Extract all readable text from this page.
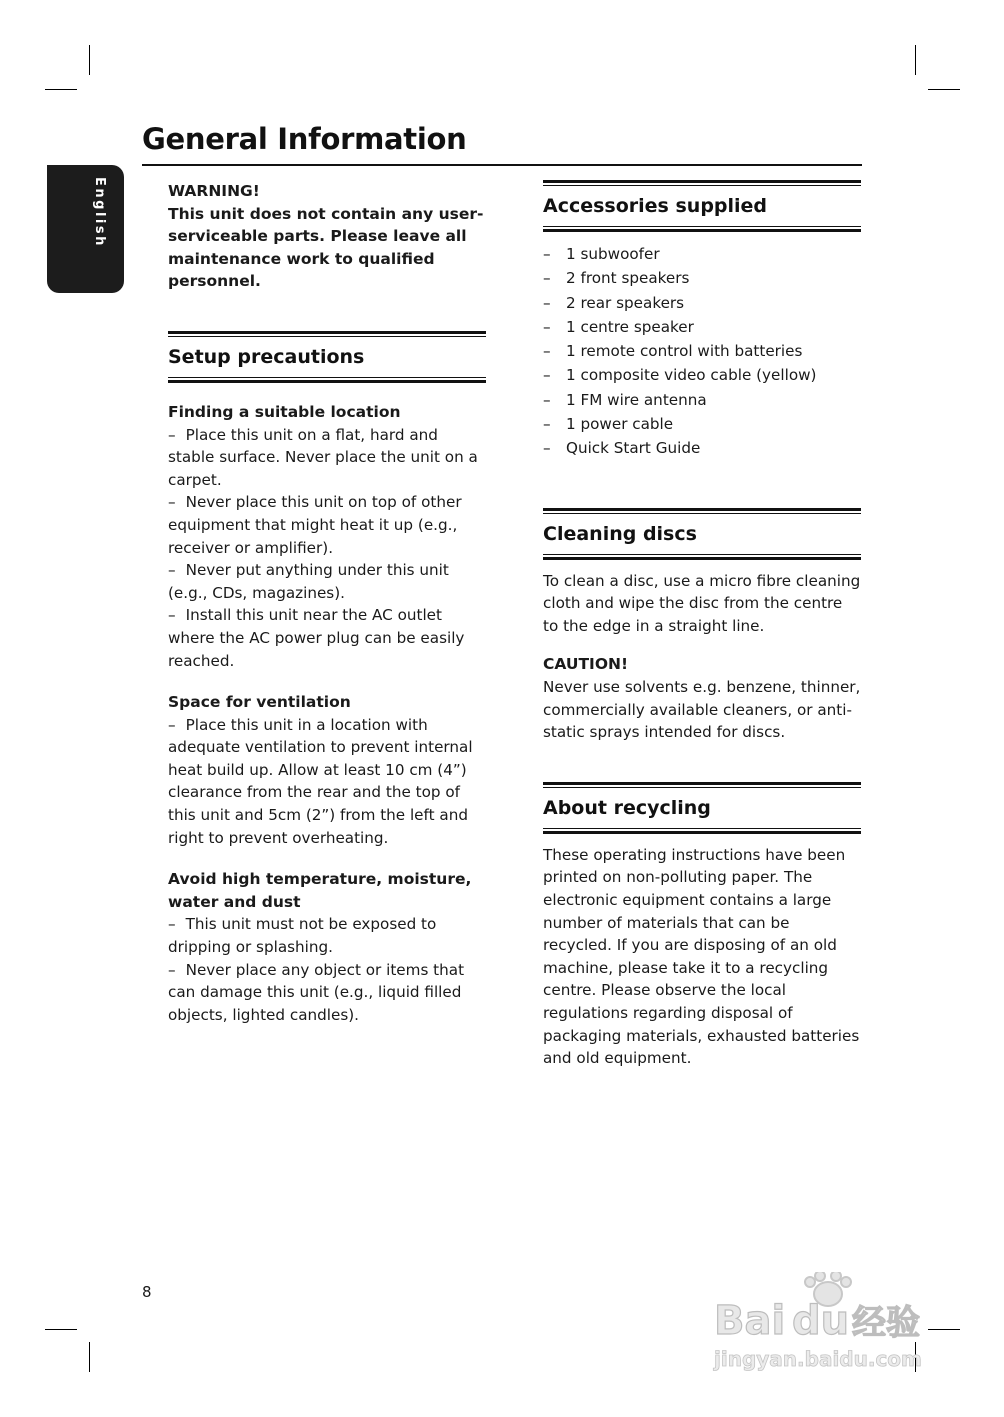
English
General Information

WARNING!

This unit does not contain any user-serviceable parts. Please leave all maintenance work to qualified personnel.

Setup precautions

Finding a suitable location

– Place this unit on a flat, hard and stable surface. Never place the unit on a carpet.

– Never place this unit on top of other equipment that might heat it up (e.g., receiver or amplifier).

– Never put anything under this unit (e.g., CDs, magazines).

– Install this unit near the AC outlet where the AC power plug can be easily reached.

Space for ventilation

– Place this unit in a location with adequate ventilation to prevent internal heat build up. Allow at least 10 cm (4”) clearance from the rear and the top of this unit and 5cm (2”) from the left and right to prevent overheating.

Avoid high temperature, moisture, water and dust

– This unit must not be exposed to dripping or splashing.

– Never place any object or items that can damage this unit (e.g., liquid filled objects, lighted candles).

Accessories supplied
– 1 subwoofer
– 2 front speakers
– 2 rear speakers
– 1 centre speaker
– 1 remote control with batteries
– 1 composite video cable (yellow)
– 1 FM wire antenna
– 1 power cable
– Quick Start Guide
Cleaning discs

To clean a disc, use a micro fibre cleaning cloth and wipe the disc from the centre to the edge in a straight line.

CAUTION!

Never use solvents e.g. benzene, thinner, commercially available cleaners, or anti-static sprays intended for discs.

About recycling

These operating instructions have been printed on non-polluting paper. The electronic equipment contains a large number of materials that can be recycled. If you are disposing of an old machine, please take it to a recycling centre. Please observe the local regulations regarding disposal of packaging materials, exhausted batteries and old equipment.

8
Bai du 经验
jingyan.baidu.com
